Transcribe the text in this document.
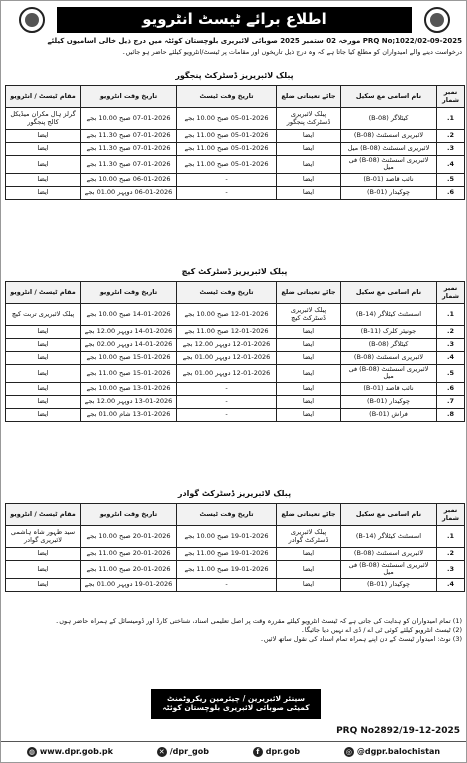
اطلاع برائے ٹیسٹ انٹرویو
PRQ No;1022/02-09-2025 مورخہ 02 ستمبر 2025 صوبائی لائبریری بلوچستان کوئٹہ میں درج ذیل خالی آسامیوں کیلئے
درخواست دینے والے امیدواران کو مطلع کیا جاتا ہے کہ وہ درج ذیل تاریخوں اور مقامات پر ٹیسٹ/انٹرویو کیلئے حاضر ہو جائیں۔
پبلک لائبریریز ڈسٹرکٹ پنجگور
نمبر شمار	نام اسامی مع سکیل	جائے تعیناتی ضلع	تاریخ وقت ٹیسٹ	تاریخ وقت انٹرویو	مقام ٹیسٹ / انٹرویو
1.	کیٹلاگر (B-08)	پبلک لائبریری ڈسٹرکٹ پنجگور	05-01-2026 صبح 10.00 بجے	07-01-2026 صبح 10.00 بجے	گرلز ہال مکران میڈیکل کالج پنجگور
2.	لائبریری اسسٹنٹ (B-08)	ایضا	05-01-2026 صبح 11.00 بجے	07-01-2026 صبح 11.30 بجے	ایضا
3.	لائبریری اسسٹنٹ (B-08) میل	ایضا	05-01-2026 صبح 11.00 بجے	07-01-2026 صبح 11.30 بجے	ایضا
4.	لائبریری اسسٹنٹ (B-08) فی میل	ایضا	05-01-2026 صبح 11.00 بجے	07-01-2026 صبح 11.30 بجے	ایضا
5.	نائب قاصد (B-01)	ایضا	-	06-01-2026 صبح 10.00 بجے	ایضا
6.	چوکیدار (B-01)	ایضا	-	06-01-2026 دوپہر 01.00 بجے	ایضا
پبلک لائبریریز ڈسٹرکٹ کیچ
نمبر شمار	نام اسامی مع سکیل	جائے تعیناتی ضلع	تاریخ وقت ٹیسٹ	تاریخ وقت انٹرویو	مقام ٹیسٹ / انٹرویو
1.	اسسٹنٹ کیٹلاگر (B-14)	پبلک لائبریری ڈسٹرکٹ کیچ	12-01-2026 صبح 10.00 بجے	14-01-2026 صبح 10.00 بجے	پبلک لائبریری تربت کیچ
2.	جونیئر کلرک (B-11)	ایضا	12-01-2026 صبح 11.00 بجے	14-01-2026 دوپہر 12.00 بجے	ایضا
3.	کیٹلاگر (B-08)	ایضا	12-01-2026 دوپہر 12.00 بجے	14-01-2026 دوپہر 02.00 بجے	ایضا
4.	لائبریری اسسٹنٹ (B-08)	ایضا	12-01-2026 دوپہر 01.00 بجے	15-01-2026 صبح 10.00 بجے	ایضا
5.	لائبریری اسسٹنٹ (B-08) فی میل	ایضا	12-01-2026 دوپہر 01.00 بجے	15-01-2026 صبح 11.00 بجے	ایضا
6.	نائب قاصد (B-01)	ایضا	-	13-01-2026 صبح 10.00 بجے	ایضا
7.	چوکیدار (B-01)	ایضا	-	13-01-2026 دوپہر 12.00 بجے	ایضا
8.	فراش (B-01)	ایضا	-	13-01-2026 شام 01.00 بجے	ایضا
پبلک لائبریریز ڈسٹرکٹ گوادر
نمبر شمار	نام اسامی مع سکیل	جائے تعیناتی ضلع	تاریخ وقت ٹیسٹ	تاریخ وقت انٹرویو	مقام ٹیسٹ / انٹرویو
1.	اسسٹنٹ کیٹلاگر (B-14)	پبلک لائبریری ڈسٹرکٹ گوادر	19-01-2026 صبح 10.00 بجے	20-01-2026 صبح 10.00 بجے	سید ظہور شاہ ہاشمی لائبریری گوادر
2.	لائبریری اسسٹنٹ (B-08)	ایضا	19-01-2026 صبح 11.00 بجے	20-01-2026 صبح 11.00 بجے	ایضا
3.	لائبریری اسسٹنٹ (B-08) فی میل	ایضا	19-01-2026 صبح 11.00 بجے	20-01-2026 صبح 11.00 بجے	ایضا
4.	چوکیدار (B-01)	ایضا	-	19-01-2026 دوپہر 01.00 بجے	ایضا
(1) تمام امیدواران کو ہدایت کی جاتی ہے کہ ٹیسٹ انٹرویو کیلئے مقررہ وقت پر اصل تعلیمی اسناد، شناختی کارڈ اور ڈومیسائل کے ہمراہ حاضر ہوں۔
(2) ٹیسٹ انٹرویو کیلئے کوئی ٹی اے / ڈی اے نہیں دیا جائیگا۔
(3) نوٹ: امیدوار ٹیسٹ کے دن اپنے ہمراہ تمام اسناد کی نقول ساتھ لائیں۔
سینئر لائبریرین / چیئرمین ریکروٹمنٹ
کمیٹی صوبائی لائبریری بلوچستان کوئٹہ
PRQ No2892/19-12-2025
◍ www.dpr.gob.pk	✕ /dpr_gob	f dpr.gob	◎ @dgpr.balochistan
